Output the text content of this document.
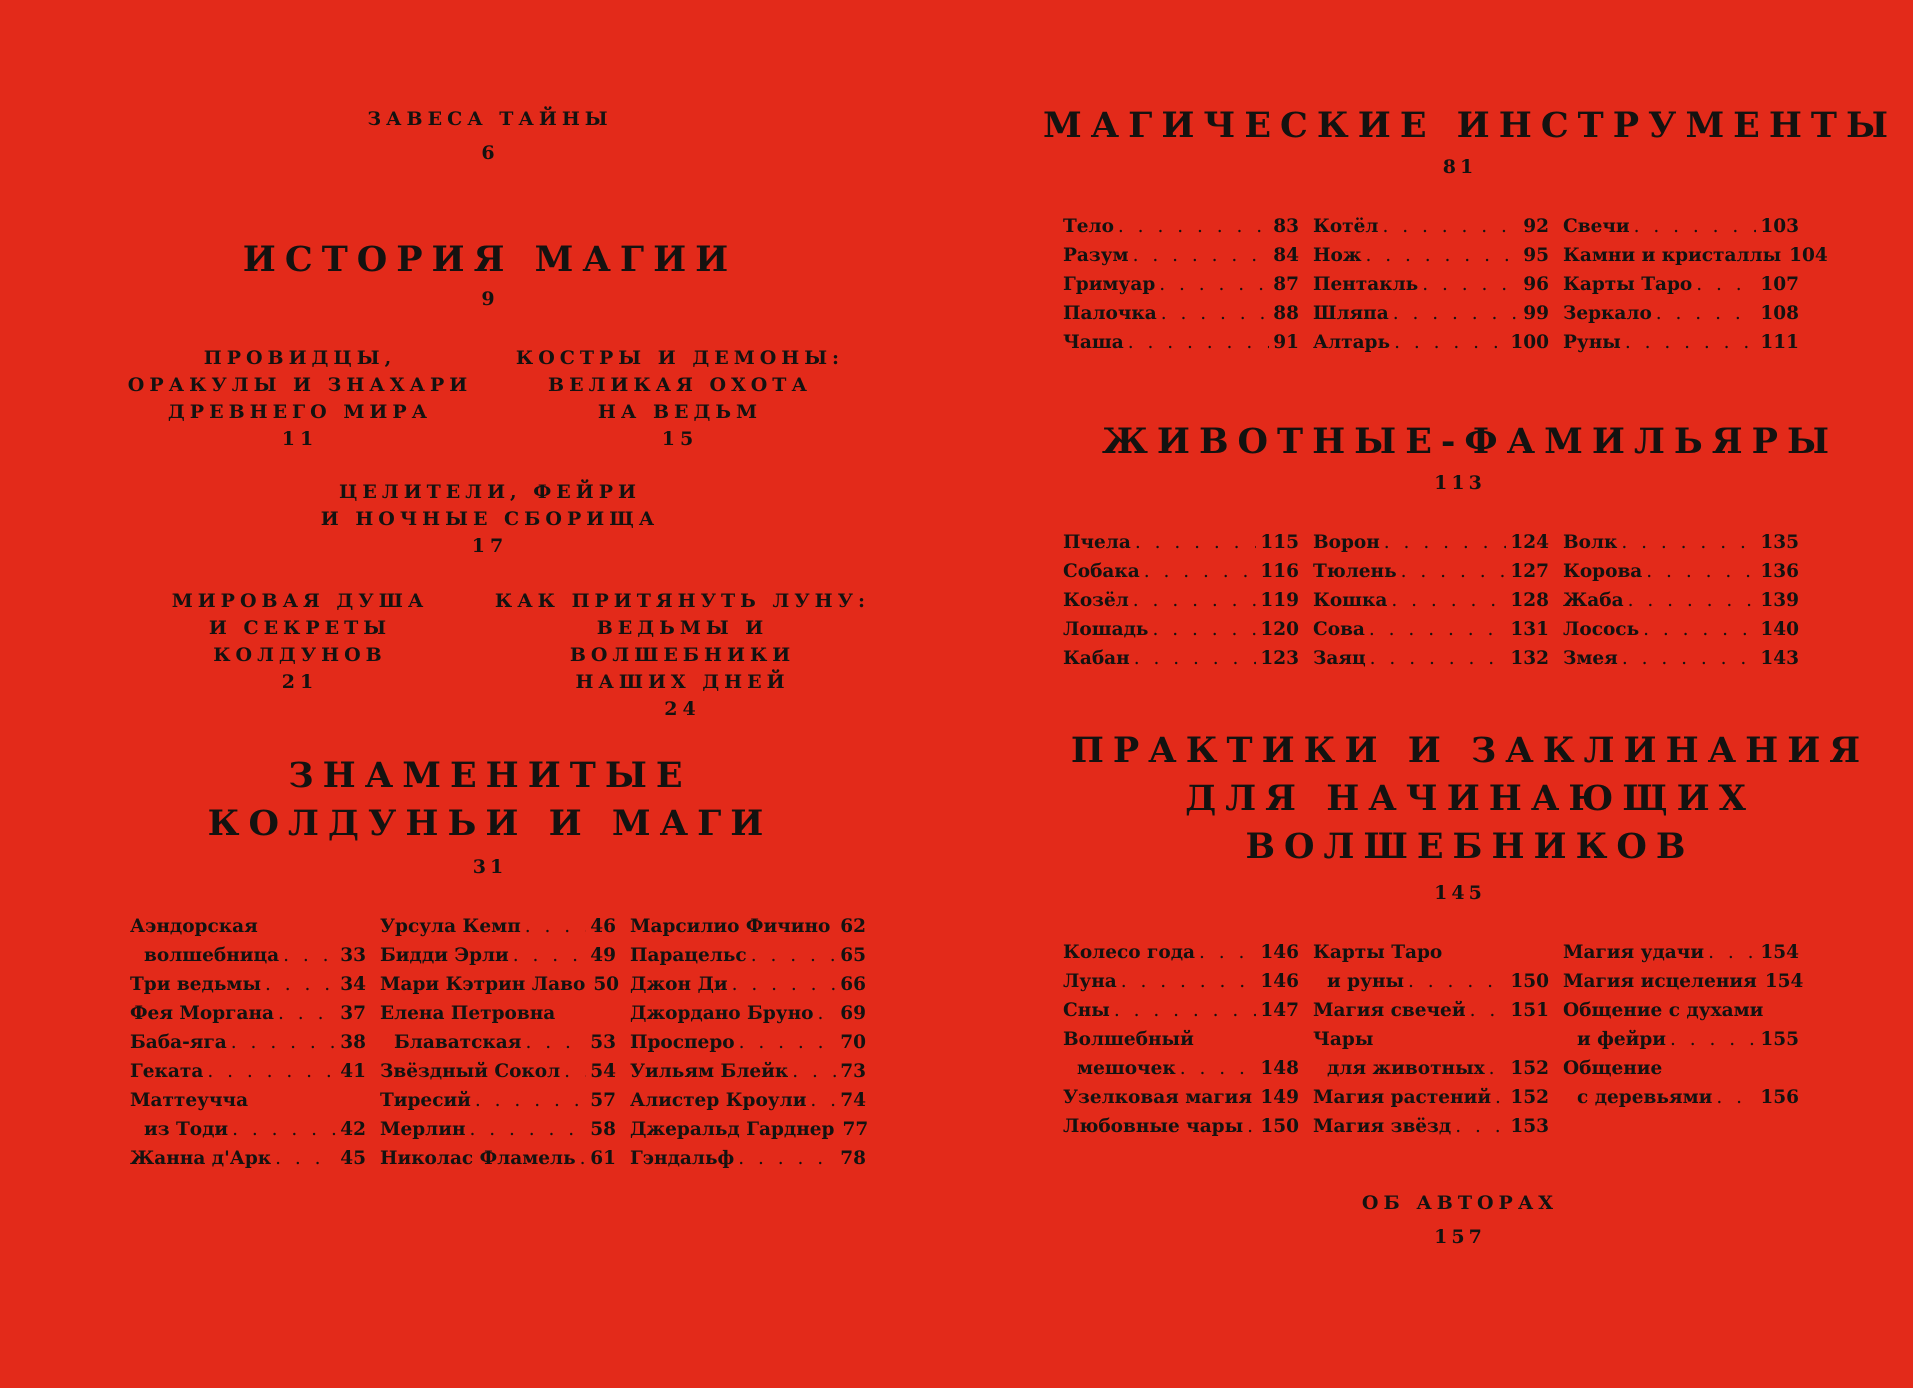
ЗАВЕСА ТАЙНЫ
6
ИСТОРИЯ МАГИИ
9
ПРОВИДЦЫ,
ОРАКУЛЫ И ЗНАХАРИ
ДРЕВНЕГО МИРА
11
КОСТРЫ И ДЕМОНЫ:
ВЕЛИКАЯ ОХОТА
НА ВЕДЬМ
15
ЦЕЛИТЕЛИ, ФЕЙРИ
И НОЧНЫЕ СБОРИЩА
17
МИРОВАЯ ДУША
И СЕКРЕТЫ
КОЛДУНОВ
21
КАК ПРИТЯНУТЬ ЛУНУ:
ВЕДЬМЫ И ВОЛШЕБНИКИ
НАШИХ ДНЕЙ
24
ЗНАМЕНИТЫЕ
КОЛДУНЬИ И МАГИ
31
Аэндорская
волшебница . . .	33
Три ведьмы . . .	34
Фея Моргана . . .	37
Баба-яга . . .	38
Геката . . .	41
Маттеучча
из Тоди . . .	42
Жанна д'Арк . . .	45
Урсула Кемп . . .	46
Бидди Эрли . . .	49
Мари Кэтрин Лаво 50
Елена Петровна
Блаватская . . .	53
Звёздный Сокол . . . 54
Тиресий . . .	57
Мерлин . . .	58
Николас Фламель . . . 61
Марсилио Фичино . . . 62
Парацельс . . .	65
Джон Ди . . .	66
Джордано Бруно . . . 69
Просперо . . .	70
Уильям Блейк . . .	73
Алистер Кроули . . . 74
Джеральд Гарднер 77
Гэндальф . . .	78
МАГИЧЕСКИЕ ИНСТРУМЕНТЫ
81
Тело . . .	83
Разум . . .	84
Гримуар . . .	87
Палочка . . .	88
Чаша . . .	91
Котёл . . .	92
Нож . . .	95
Пентакль . . .	96
Шляпа . . .	99
Алтарь . . .	100
Свечи . . .	103
Камни и кристаллы 104
Карты Таро . . .	107
Зеркало . . .	108
Руны . . .	111
ЖИВОТНЫЕ-ФАМИЛЬЯРЫ
113
Пчела . . .	115
Собака . . .	116
Козёл . . .	119
Лошадь . . .	120
Кабан . . .	123
Ворон . . .	124
Тюлень . . .	127
Кошка . . .	128
Сова . . .	131
Заяц . . .	132
Волк . . .	135
Корова . . .	136
Жаба . . .	139
Лосось . . .	140
Змея . . .	143
ПРАКТИКИ И ЗАКЛИНАНИЯ
ДЛЯ НАЧИНАЮЩИХ
ВОЛШЕБНИКОВ
145
Колесо года . . .	146
Луна . . .	146
Сны . . .	147
Волшебный
мешочек . . .	148
Узелковая магия . . . 149
Любовные чары . . . 150
Карты Таро
и руны . . .	150
Магия свечей . . . 151
Чары
для животных . . . 152
Магия растений . . . 152
Магия звёзд . . .	153
Магия удачи . . .	154
Магия исцеления 154
Общение с духами
и фейри . . .	155
Общение
с деревьями . . .	156
ОБ АВТОРАХ
157
